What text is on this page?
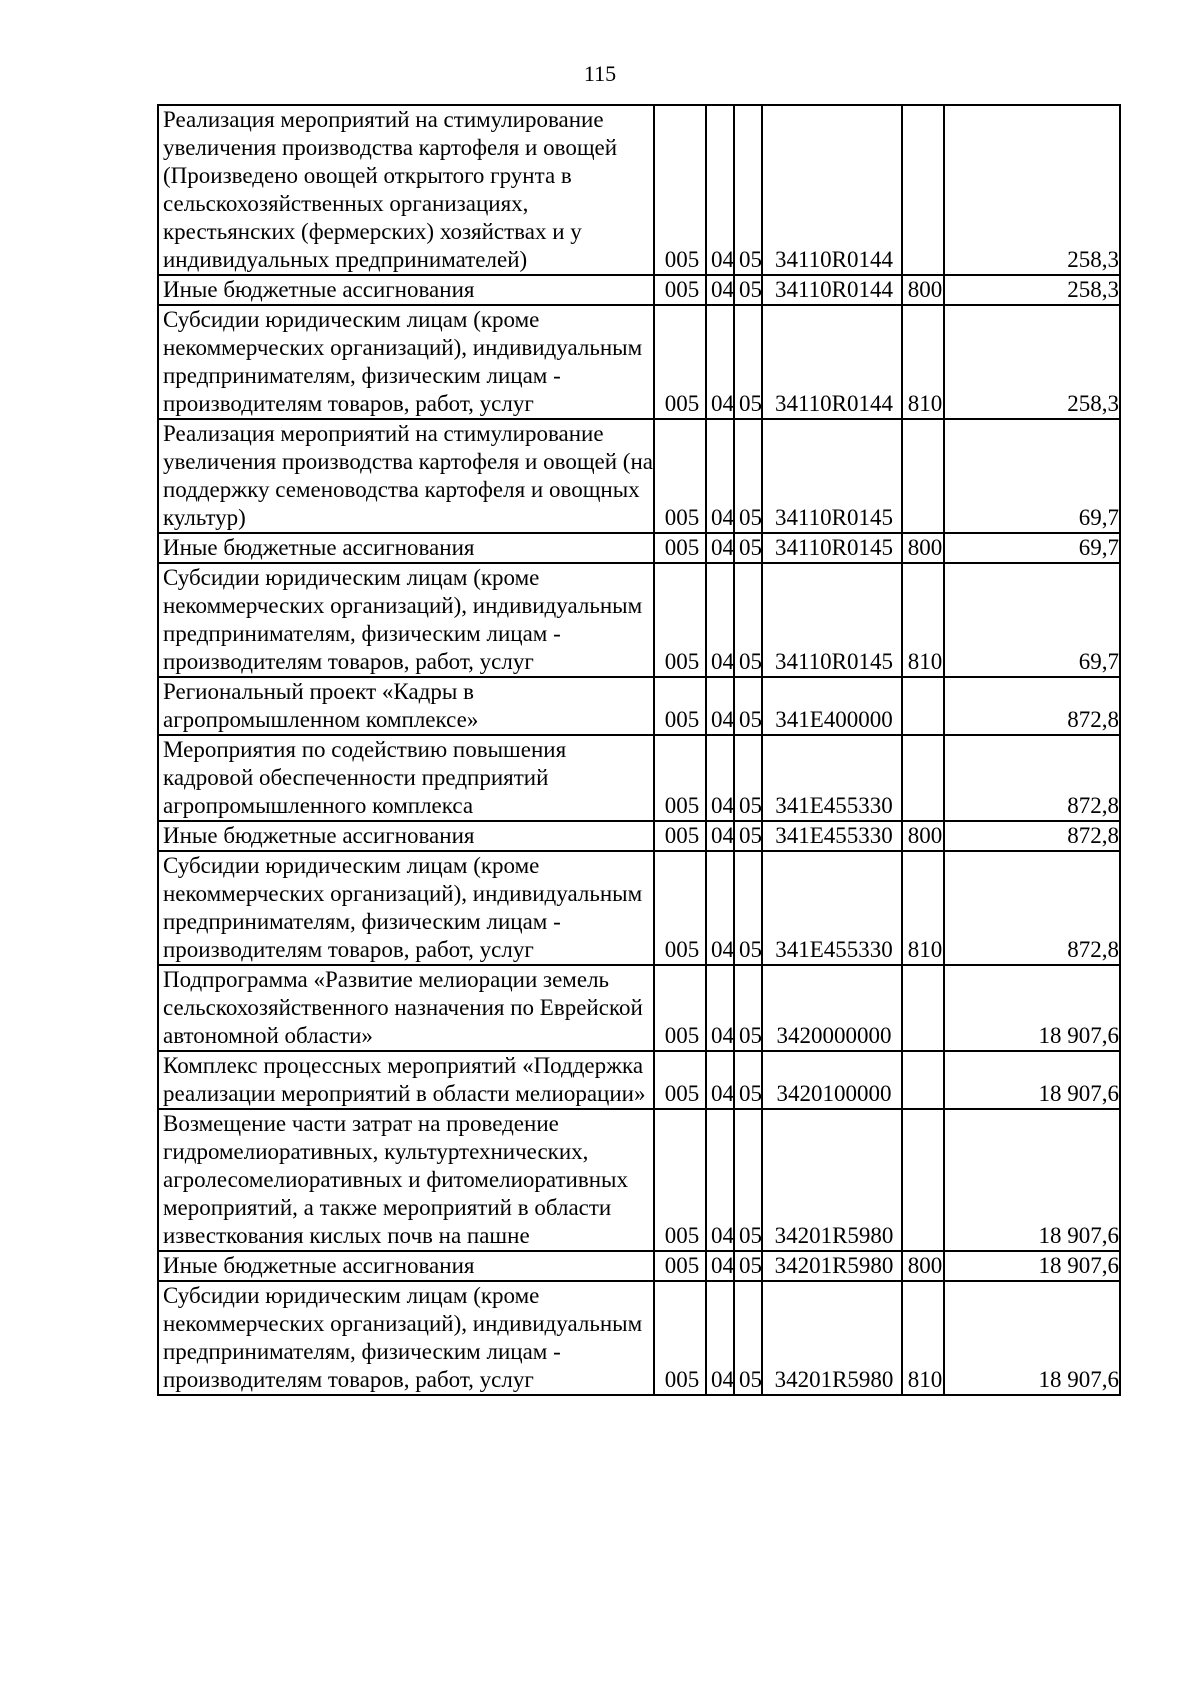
115
Реализация мероприятий на стимулирование увеличения производства картофеля и овощей (Произведено овощей открытого грунта в сельскохозяйственных организациях, крестьянских (фермерских) хозяйствах и у индивидуальных предпринимателей)	005	04	05	34110R0144		258,3
Иные бюджетные ассигнования	005	04	05	34110R0144	800	258,3
Субсидии юридическим лицам (кроме некоммерческих организаций), индивидуальным предпринимателям, физическим лицам - производителям товаров, работ, услуг	005	04	05	34110R0144	810	258,3
Реализация мероприятий на стимулирование увеличения производства картофеля и овощей (на поддержку семеноводства картофеля и овощных культур)	005	04	05	34110R0145		69,7
Иные бюджетные ассигнования	005	04	05	34110R0145	800	69,7
Субсидии юридическим лицам (кроме некоммерческих организаций), индивидуальным предпринимателям, физическим лицам - производителям товаров, работ, услуг	005	04	05	34110R0145	810	69,7
Региональный проект «Кадры в агропромышленном комплексе»	005	04	05	341E400000		872,8
Мероприятия по содействию повышения кадровой обеспеченности предприятий агропромышленного комплекса	005	04	05	341E455330		872,8
Иные бюджетные ассигнования	005	04	05	341E455330	800	872,8
Субсидии юридическим лицам (кроме некоммерческих организаций), индивидуальным предпринимателям, физическим лицам - производителям товаров, работ, услуг	005	04	05	341E455330	810	872,8
Подпрограмма «Развитие мелиорации земель сельскохозяйственного назначения по Еврейской автономной области»	005	04	05	3420000000		18 907,6
Комплекс процессных мероприятий «Поддержка реализации мероприятий в области мелиорации»	005	04	05	3420100000		18 907,6
Возмещение части затрат на проведение гидромелиоративных, культуртехнических, агролесомелиоративных и фитомелиоративных мероприятий, а также мероприятий в области известкования кислых почв на пашне	005	04	05	34201R5980		18 907,6
Иные бюджетные ассигнования	005	04	05	34201R5980	800	18 907,6
Субсидии юридическим лицам (кроме некоммерческих организаций), индивидуальным предпринимателям, физическим лицам - производителям товаров, работ, услуг	005	04	05	34201R5980	810	18 907,6
